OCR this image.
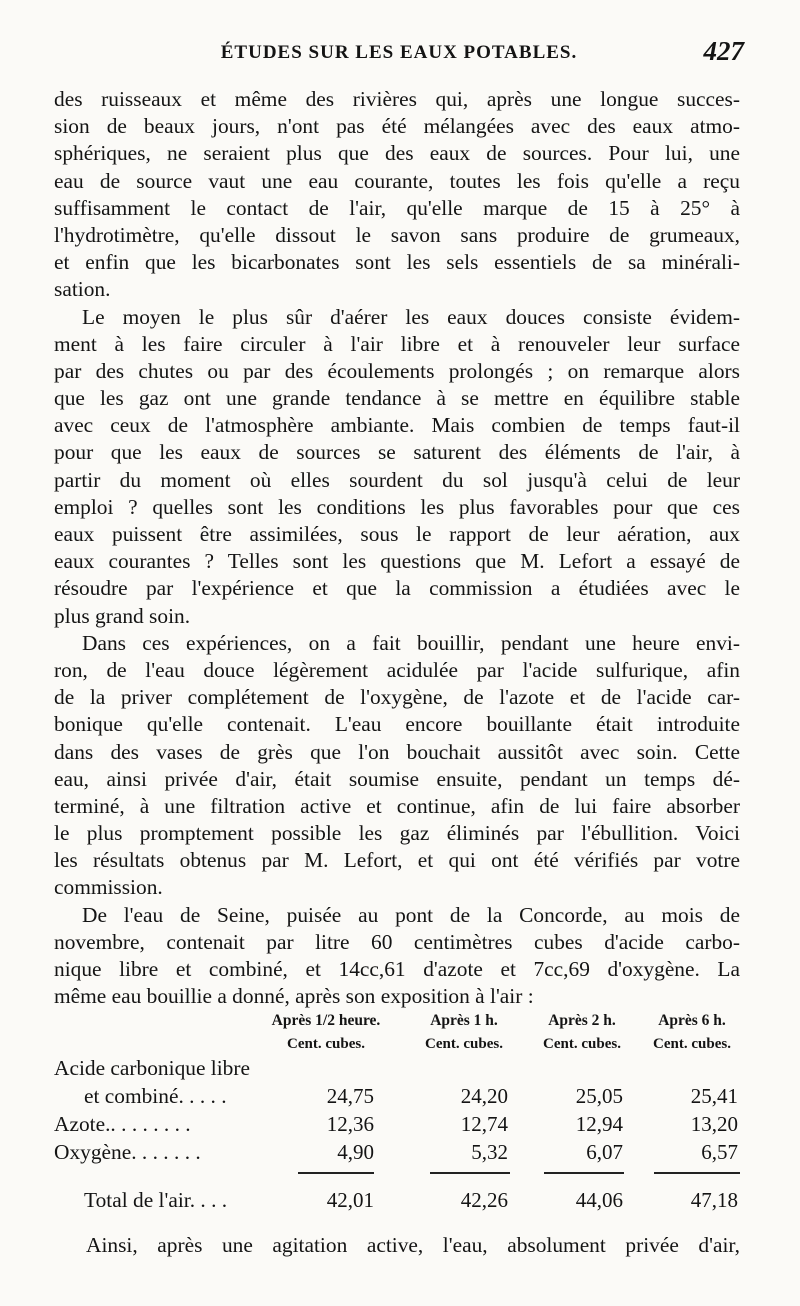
ÉTUDES SUR LES EAUX POTABLES.	427
des ruisseaux et même des rivières qui, après une longue succes-
sion de beaux jours, n'ont pas été mélangées avec des eaux atmo-
sphériques, ne seraient plus que des eaux de sources. Pour lui, une
eau de source vaut une eau courante, toutes les fois qu'elle a reçu
suffisamment le contact de l'air, qu'elle marque de 15 à 25° à
l'hydrotimètre, qu'elle dissout le savon sans produire de grumeaux,
et enfin que les bicarbonates sont les sels essentiels de sa minérali-
sation.
Le moyen le plus sûr d'aérer les eaux douces consiste évidem-
ment à les faire circuler à l'air libre et à renouveler leur surface
par des chutes ou par des écoulements prolongés ; on remarque alors
que les gaz ont une grande tendance à se mettre en équilibre stable
avec ceux de l'atmosphère ambiante. Mais combien de temps faut-il
pour que les eaux de sources se saturent des éléments de l'air, à
partir du moment où elles sourdent du sol jusqu'à celui de leur
emploi ? quelles sont les conditions les plus favorables pour que ces
eaux puissent être assimilées, sous le rapport de leur aération, aux
eaux courantes ? Telles sont les questions que M. Lefort a essayé de
résoudre par l'expérience et que la commission a étudiées avec le
plus grand soin.
Dans ces expériences, on a fait bouillir, pendant une heure envi-
ron, de l'eau douce légèrement acidulée par l'acide sulfurique, afin
de la priver complétement de l'oxygène, de l'azote et de l'acide car-
bonique qu'elle contenait. L'eau encore bouillante était introduite
dans des vases de grès que l'on bouchait aussitôt avec soin. Cette
eau, ainsi privée d'air, était soumise ensuite, pendant un temps dé-
terminé, à une filtration active et continue, afin de lui faire absorber
le plus promptement possible les gaz éliminés par l'ébullition. Voici
les résultats obtenus par M. Lefort, et qui ont été vérifiés par votre
commission.
De l'eau de Seine, puisée au pont de la Concorde, au mois de
novembre, contenait par litre 60 centimètres cubes d'acide carbo-
nique libre et combiné, et 14cc,61 d'azote et 7cc,69 d'oxygène. La
même eau bouillie a donné, après son exposition à l'air :
Après 1/2 heure.	Après 1 h.	Après 2 h.	Après 6 h.
Cent. cubes.	Cent. cubes.	Cent. cubes.	Cent. cubes.
Acide carbonique libre
et combiné. . . . .	24,75	24,20	25,05	25,41
Azote.. . . . . . . .	12,36	12,74	12,94	13,20
Oxygène. . . . . . .	4,90	5,32	6,07	6,57
Total de l'air. . . .	42,01	42,26	44,06	47,18
Ainsi, après une agitation active, l'eau, absolument privée d'air,
